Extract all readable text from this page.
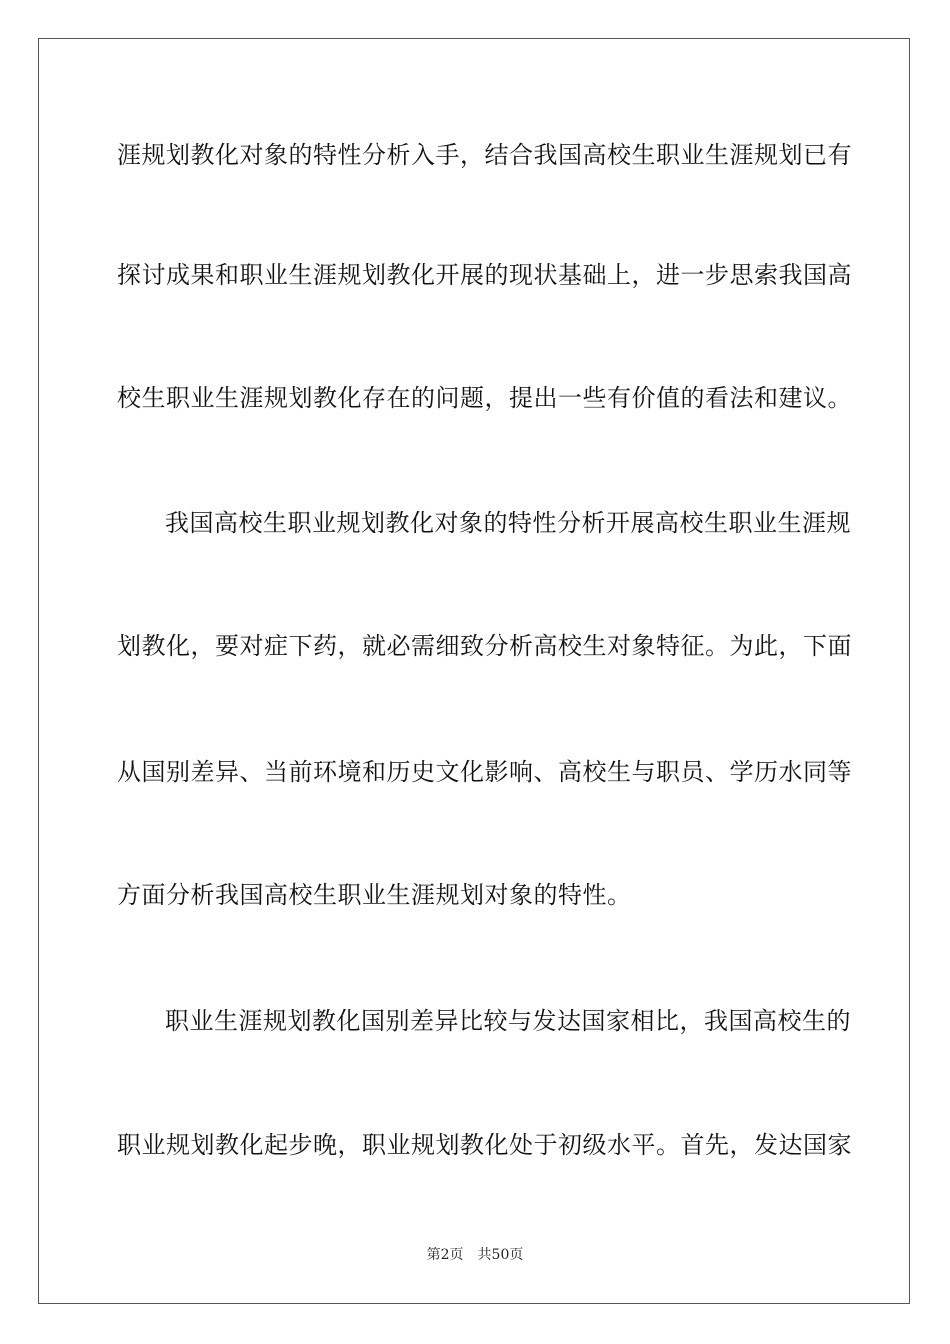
涯规划教化对象的特性分析入手，结合我国高校生职业生涯规划已有
探讨成果和职业生涯规划教化开展的现状基础上，进一步思索我国高
校生职业生涯规划教化存在的问题，提出一些有价值的看法和建议。
我国高校生职业规划教化对象的特性分析开展高校生职业生涯规
划教化，要对症下药，就必需细致分析高校生对象特征。为此，下面
从国别差异、当前环境和历史文化影响、高校生与职员、学历水同等
方面分析我国高校生职业生涯规划对象的特性。
职业生涯规划教化国别差异比较与发达国家相比，我国高校生的
职业规划教化起步晚，职业规划教化处于初级水平。首先，发达国家
第2页 共50页
